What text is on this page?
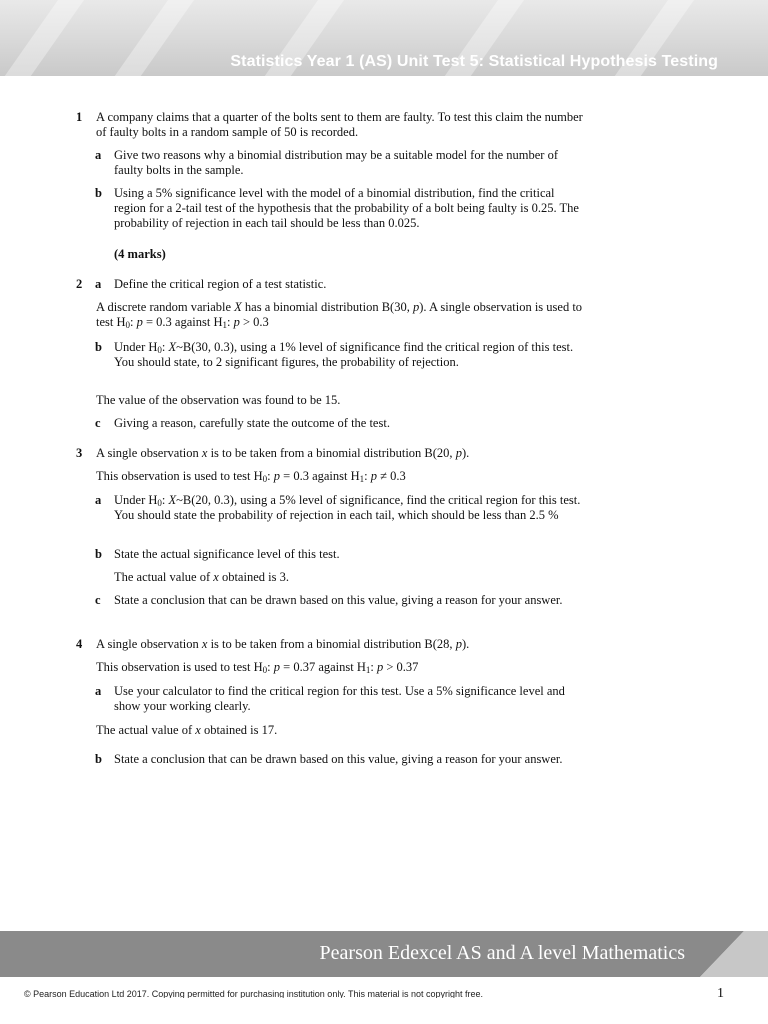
Statistics Year 1 (AS) Unit Test 5: Statistical Hypothesis Testing
1 A company claims that a quarter of the bolts sent to them are faulty. To test this claim the number of faulty bolts in a random sample of 50 is recorded.
a Give two reasons why a binomial distribution may be a suitable model for the number of faulty bolts in the sample.
b Using a 5% significance level with the model of a binomial distribution, find the critical region for a 2-tail test of the hypothesis that the probability of a bolt being faulty is 0.25. The probability of rejection in each tail should be less than 0.025.
(4 marks)
2 a Define the critical region of a test statistic.
A discrete random variable X has a binomial distribution B(30, p). A single observation is used to test $H_0$: p = 0.3 against $H_1$: p > 0.3
b Under $H_0$: X~B(30, 0.3), using a 1% level of significance find the critical region of this test. You should state, to 2 significant figures, the probability of rejection.
The value of the observation was found to be 15.
c Giving a reason, carefully state the outcome of the test.
3 A single observation x is to be taken from a binomial distribution B(20, p).
This observation is used to test $H_0$: p = 0.3 against $H_1$: p ≠ 0.3
a Under $H_0$: X~B(20, 0.3), using a 5% level of significance, find the critical region for this test. You should state the probability of rejection in each tail, which should be less than 2.5 %
b State the actual significance level of this test.
The actual value of x obtained is 3.
c State a conclusion that can be drawn based on this value, giving a reason for your answer.
4 A single observation x is to be taken from a binomial distribution B(28, p).
This observation is used to test $H_0$: p = 0.37 against $H_1$: p > 0.37
a Use your calculator to find the critical region for this test. Use a 5% significance level and show your working clearly.
The actual value of x obtained is 17.
b State a conclusion that can be drawn based on this value, giving a reason for your answer.
Pearson Edexcel AS and A level Mathematics
© Pearson Education Ltd 2017. Copying permitted for purchasing institution only. This material is not copyright free.	1
